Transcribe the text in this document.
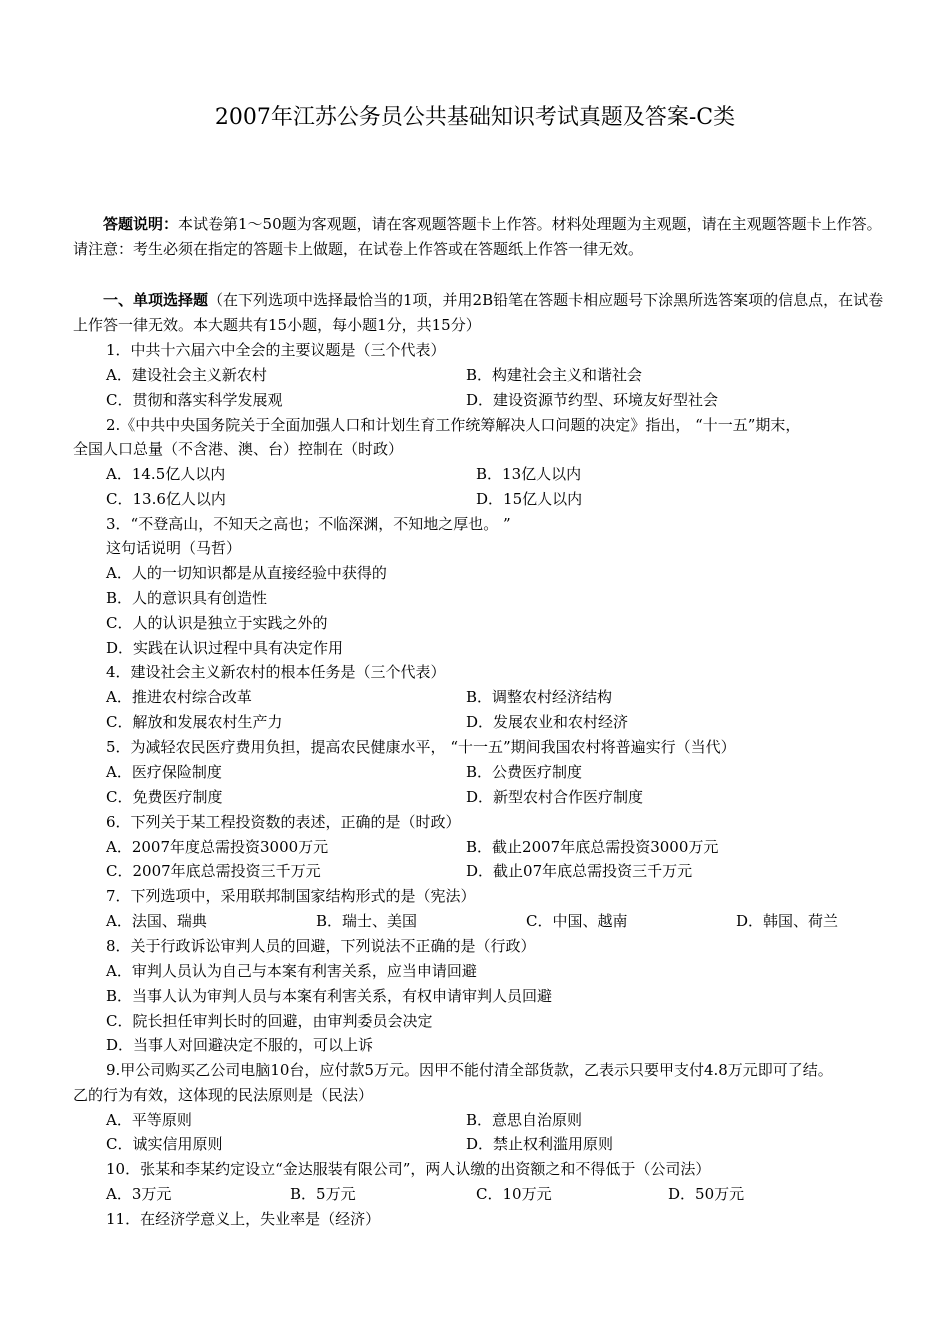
2007年江苏公务员公共基础知识考试真题及答案-C类
答题说明：本试卷第1～50题为客观题，请在客观题答题卡上作答。材料处理题为主观题，请在主观题答题卡上作答。请注意：考生必须在指定的答题卡上做题，在试卷上作答或在答题纸上作答一律无效。
一、单项选择题（在下列选项中选择最恰当的1项，并用2B铅笔在答题卡相应题号下涂黑所选答案项的信息点，在试卷上作答一律无效。本大题共有15小题，每小题1分，共15分）
1．中共十六届六中全会的主要议题是（三个代表）
A．建设社会主义新农村	B．构建社会主义和谐社会
C．贯彻和落实科学发展观	D．建设资源节约型、环境友好型社会
2.《中共中央国务院关于全面加强人口和计划生育工作统筹解决人口问题的决定》指出， “十一五”期末，
全国人口总量（不含港、澳、台）控制在（时政）
A．14.5亿人以内	B．13亿人以内
C．13.6亿人以内	D．15亿人以内
3．“不登高山，不知天之高也；不临深渊，不知地之厚也。 ”
这句话说明（马哲）
A．人的一切知识都是从直接经验中获得的
B．人的意识具有创造性
C．人的认识是独立于实践之外的
D．实践在认识过程中具有决定作用
4．建设社会主义新农村的根本任务是（三个代表）
A．推进农村综合改革	B．调整农村经济结构
C．解放和发展农村生产力	D．发展农业和农村经济
5．为减轻农民医疗费用负担，提高农民健康水平， “十一五”期间我国农村将普遍实行（当代）
A．医疗保险制度	B．公费医疗制度
C．免费医疗制度	D．新型农村合作医疗制度
6．下列关于某工程投资数的表述，正确的是（时政）
A．2007年度总需投资3000万元	B．截止2007年底总需投资3000万元
C．2007年底总需投资三千万元	D．截止07年底总需投资三千万元
7．下列选项中，采用联邦制国家结构形式的是（宪法）
A．法国、瑞典	B．瑞士、美国	C．中国、越南	D．韩国、荷兰
8．关于行政诉讼审判人员的回避，下列说法不正确的是（行政）
A．审判人员认为自己与本案有利害关系，应当申请回避
B．当事人认为审判人员与本案有利害关系，有权申请审判人员回避
C．院长担任审判长时的回避，由审判委员会决定
D．当事人对回避决定不服的，可以上诉
9.甲公司购买乙公司电脑10台，应付款5万元。因甲不能付清全部货款，乙表示只要甲支付4.8万元即可了结。
乙的行为有效，这体现的民法原则是（民法）
A．平等原则	B．意思自治原则
C．诚实信用原则	D．禁止权利滥用原则
10．张某和李某约定设立“金达服装有限公司”，两人认缴的出资额之和不得低于（公司法）
A．3万元	B．5万元	C．10万元	D．50万元
11．在经济学意义上，失业率是（经济）
